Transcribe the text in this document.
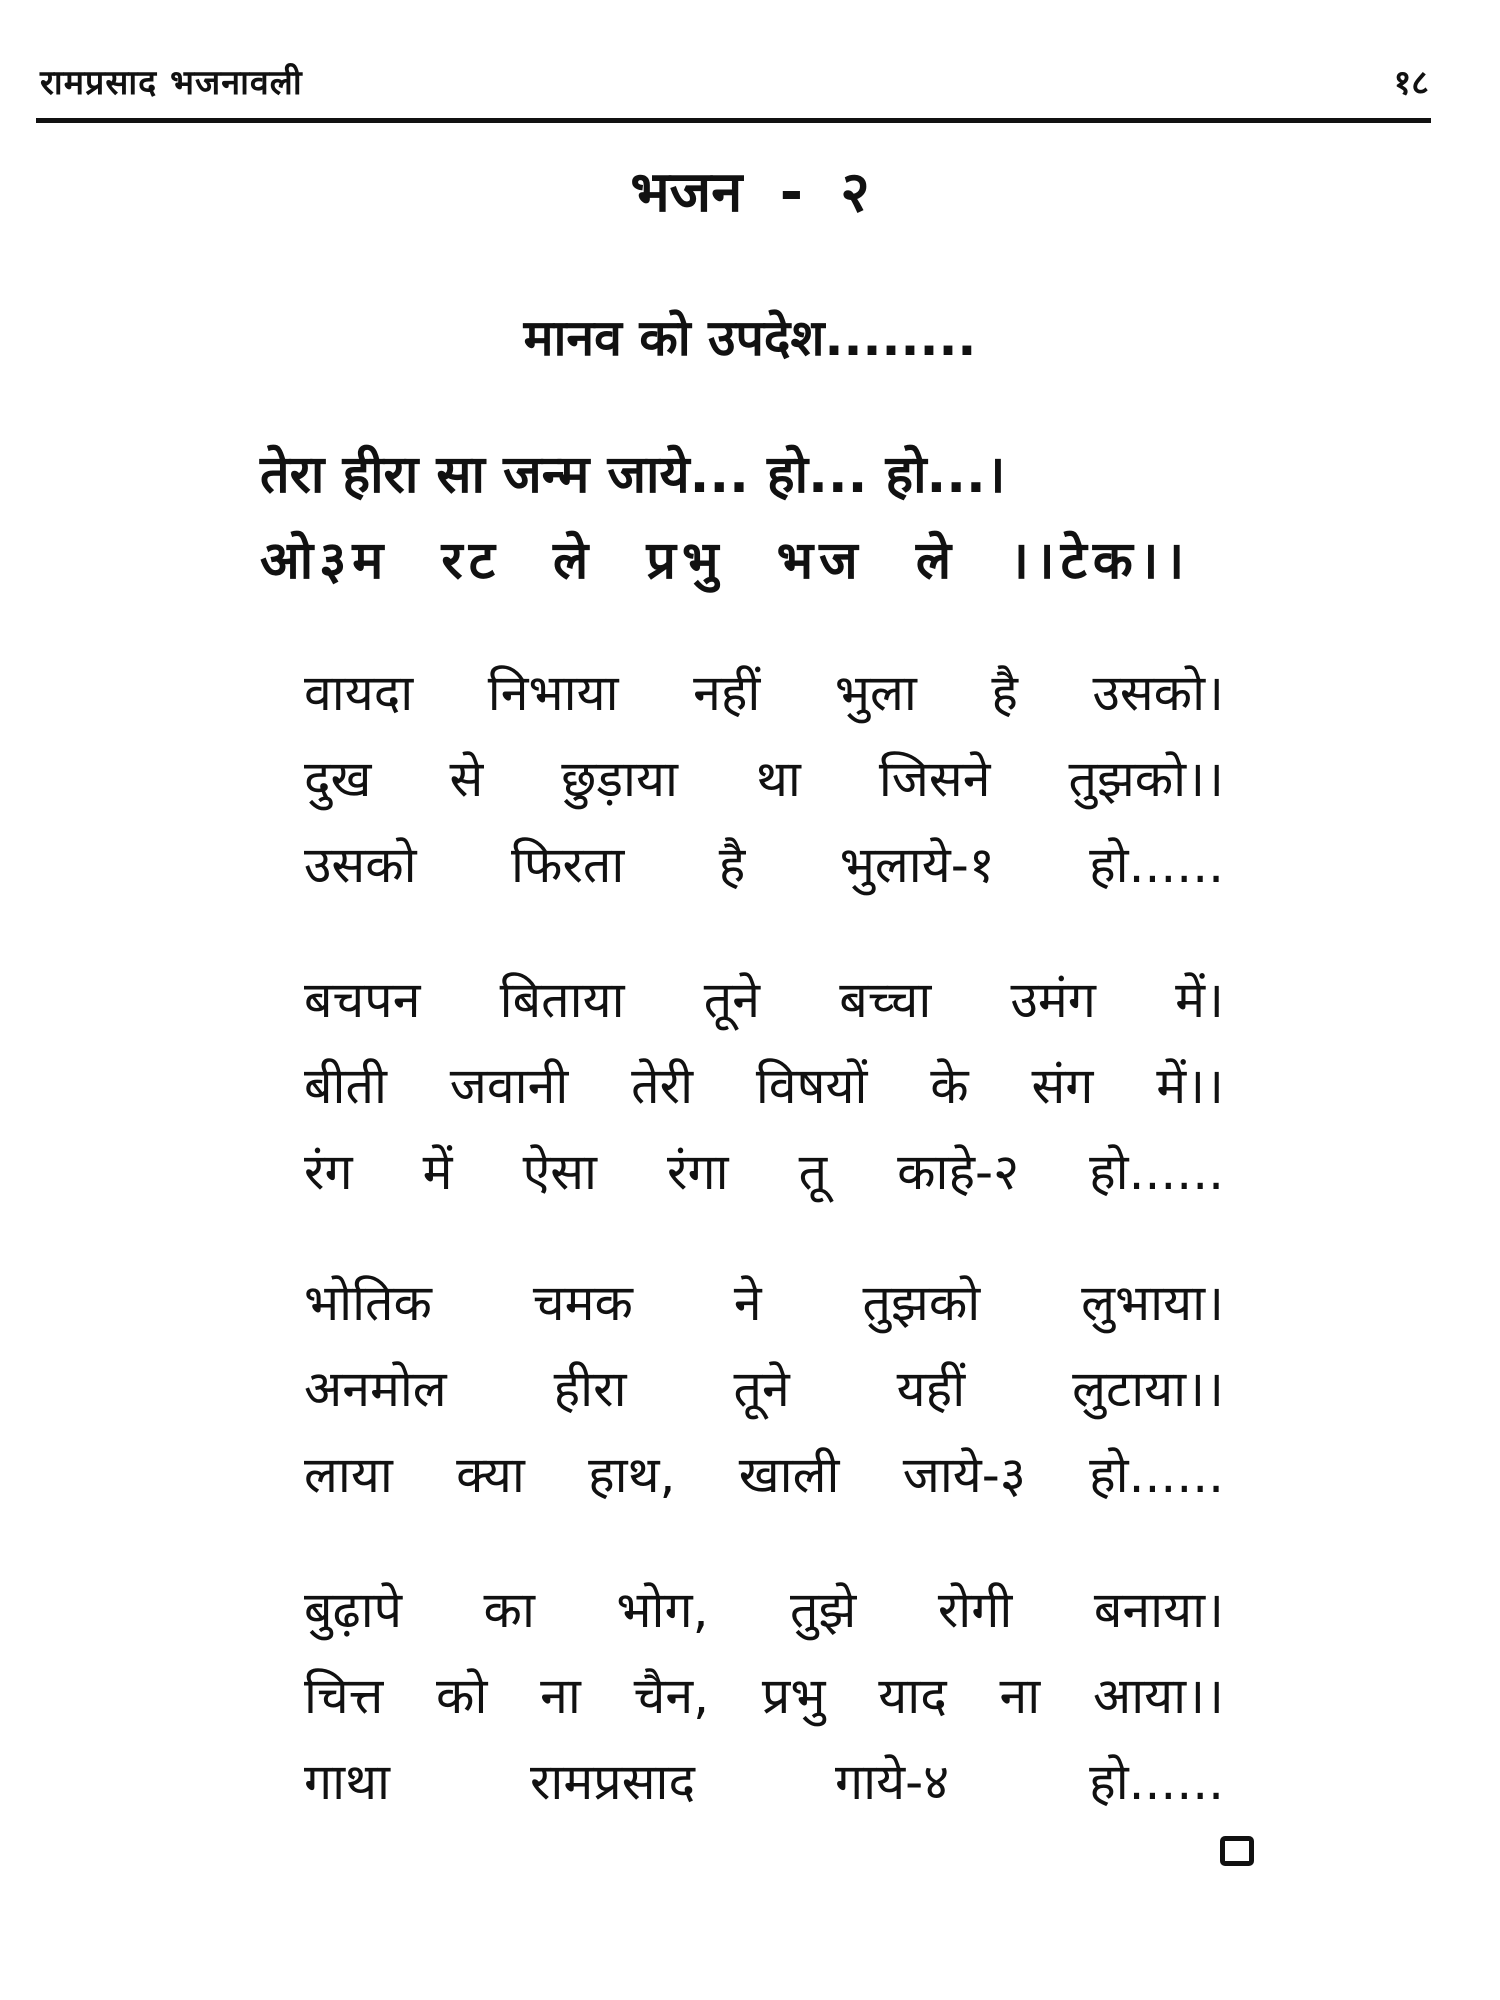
रामप्रसाद भजनावली	१८
भजन - २
मानव को उपदेश........
तेरा हीरा सा जन्म जाये... हो... हो...।
ओ३म रट ले प्रभु भज ले ।।टेक।।
वायदा निभाया नहीं भुला है उसको।
दुख से छुड़ाया था जिसने तुझको।।
उसको फिरता है भुलाये-१ हो......
बचपन बिताया तूने बच्चा उमंग में।
बीती जवानी तेरी विषयों के संग में।।
रंग में ऐसा रंगा तू काहे-२ हो......
भोतिक चमक ने तुझको लुभाया।
अनमोल हीरा तूने यहीं लुटाया।।
लाया क्या हाथ, खाली जाये-३ हो......
बुढ़ापे का भोग, तुझे रोगी बनाया।
चित्त को ना चैन, प्रभु याद ना आया।।
गाथा रामप्रसाद गाये-४ हो......
